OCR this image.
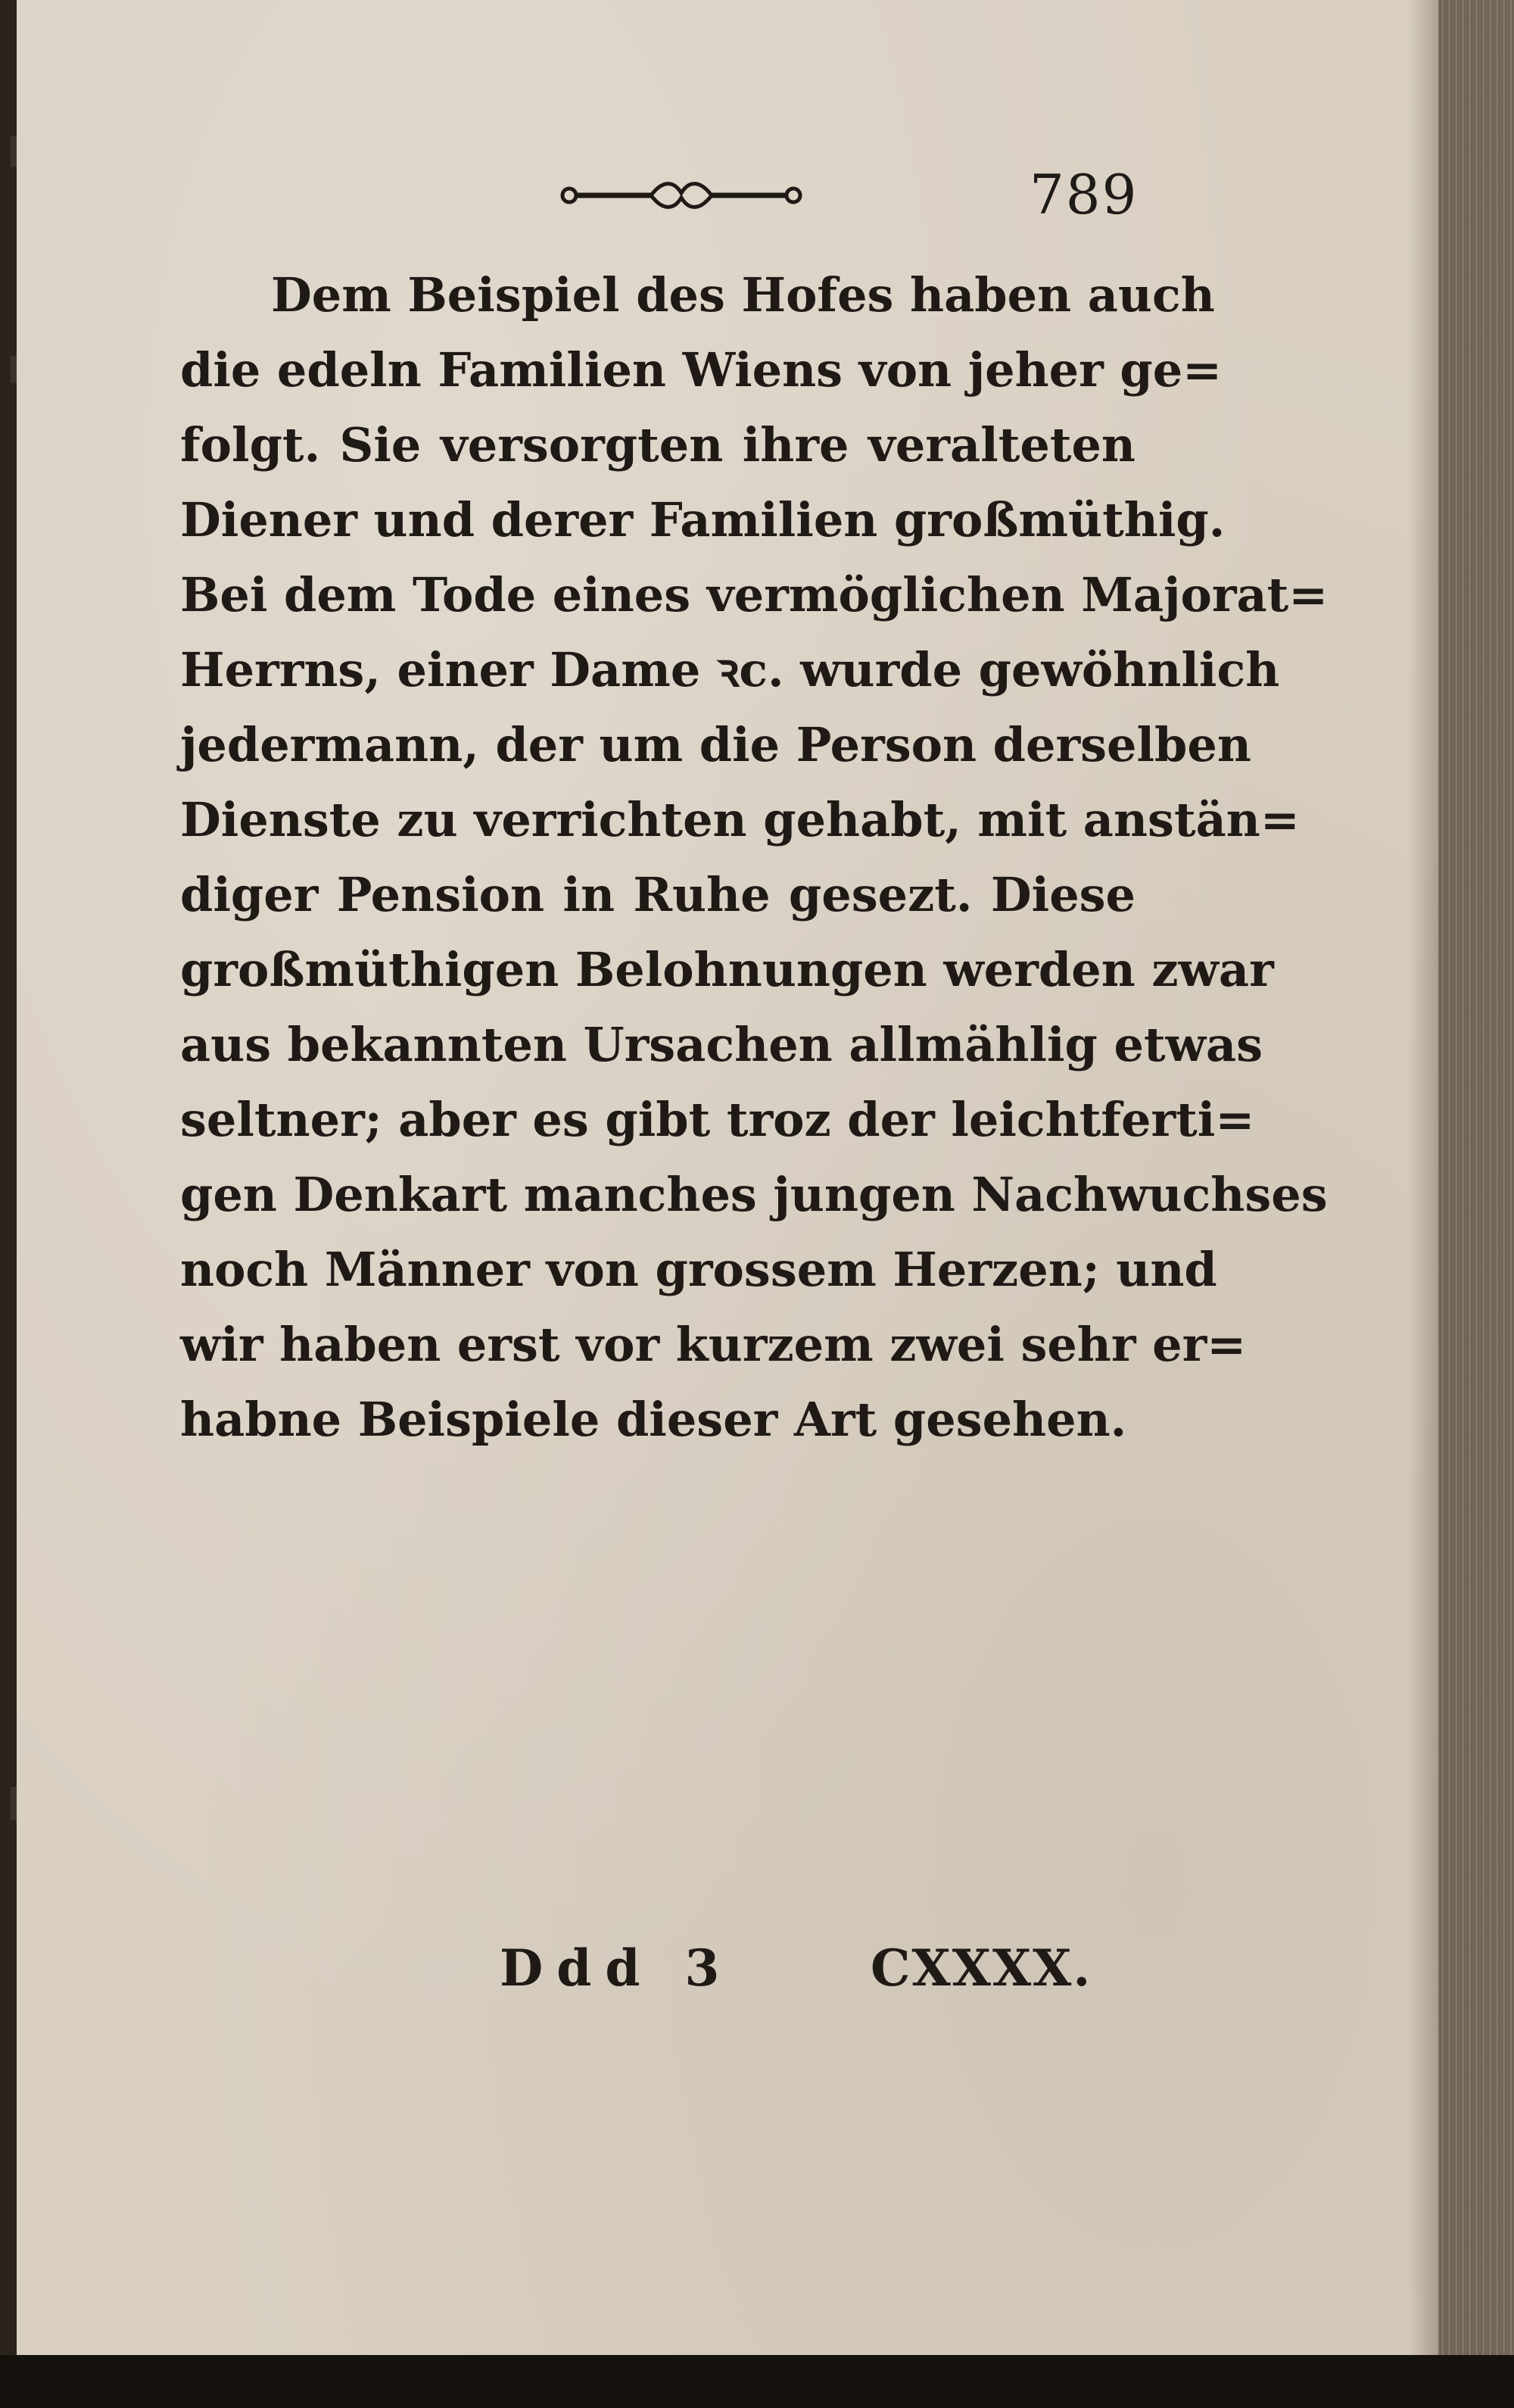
789
Dem Beispiel des Hofes haben auch
die edeln Familien Wiens von jeher ge=
folgt. Sie versorgten ihre veralteten
Diener und derer Familien großmüthig.
Bei dem Tode eines vermöglichen Majorat=
Herrns, einer Dame ꝛc. wurde gewöhnlich
jedermann, der um die Person derselben
Dienste zu verrichten gehabt, mit anstän=
diger Pension in Ruhe gesezt. Diese
großmüthigen Belohnungen werden zwar
aus bekannten Ursachen allmählig etwas
seltner; aber es gibt troz der leichtferti=
gen Denkart manches jungen Nachwuchses
noch Männer von grossem Herzen; und
wir haben erst vor kurzem zwei sehr er=
habne Beispiele dieser Art gesehen.
Ddd 3	CXXXX.
